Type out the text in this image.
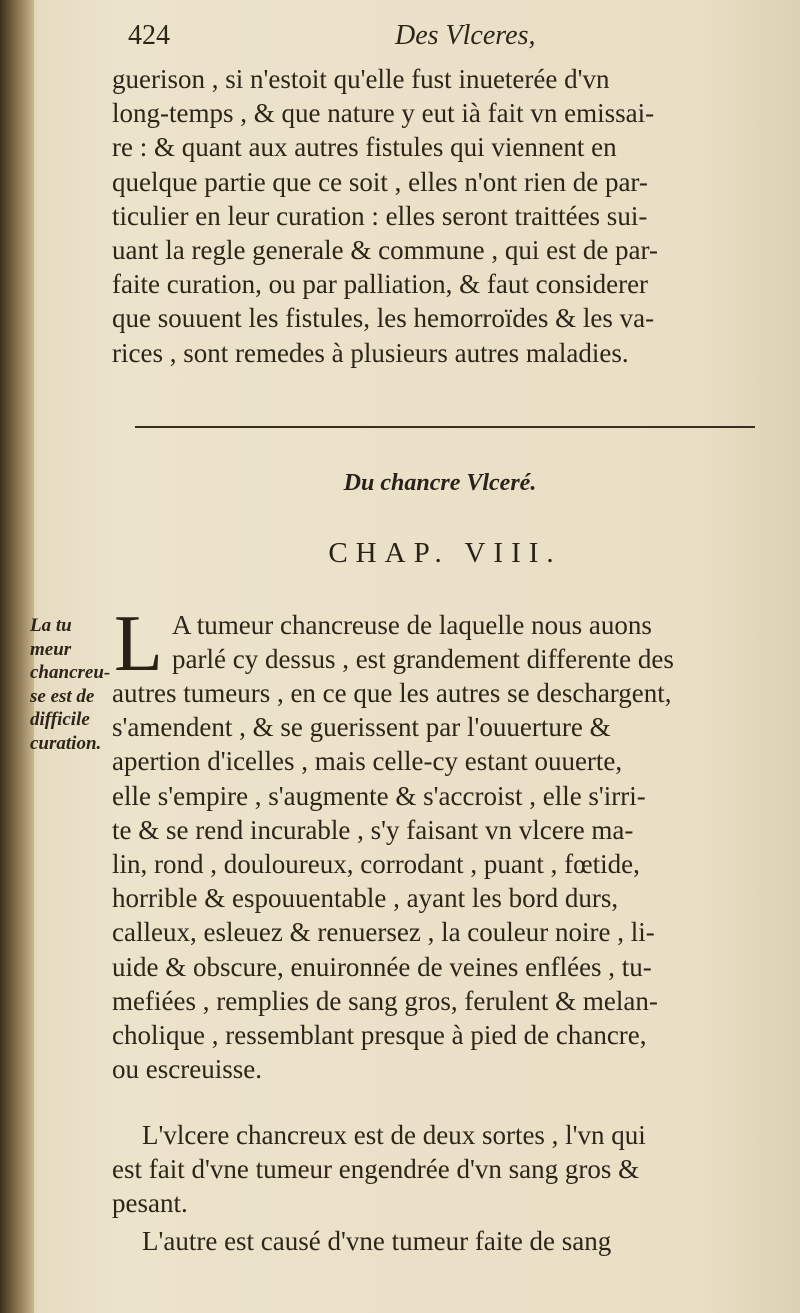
424	Des Vlceres,
guerison , si n'estoit qu'elle fust inueterée d'vn
long-temps , & que nature y eut ià fait vn emissai-
re : & quant aux autres fistules qui viennent en
quelque partie que ce soit , elles n'ont rien de par-
ticulier en leur curation : elles seront traittées sui-
uant la regle generale & commune , qui est de par-
faite curation, ou par palliation, & faut considerer
que souuent les fistules, les hemorroïdes & les va-
rices , sont remedes à plusieurs autres maladies.
Du chancre Vlceré.
CHAP. VIII.
La tu
meur
chancreu-
se est de
difficile
curation.
L A tumeur chancreuse de laquelle nous auons
parlé cy dessus , est grandement differente des
autres tumeurs , en ce que les autres se deschargent,
s'amendent , & se guerissent par l'ouuerture &
apertion d'icelles , mais celle-cy estant ouuerte,
elle s'empire , s'augmente & s'accroist , elle s'irri-
te & se rend incurable , s'y faisant vn vlcere ma-
lin, rond , douloureux, corrodant , puant , fœtide,
horrible & espouuentable , ayant les bord durs,
calleux, esleuez & renuersez , la couleur noire , li-
uide & obscure, enuironnée de veines enflées , tu-
mefiées , remplies de sang gros, ferulent & melan-
cholique , ressemblant presque à pied de chancre,
ou escreuisse.
L'vlcere chancreux est de deux sortes , l'vn qui
est fait d'vne tumeur engendrée d'vn sang gros &
pesant.
L'autre est causé d'vne tumeur faite de sang
